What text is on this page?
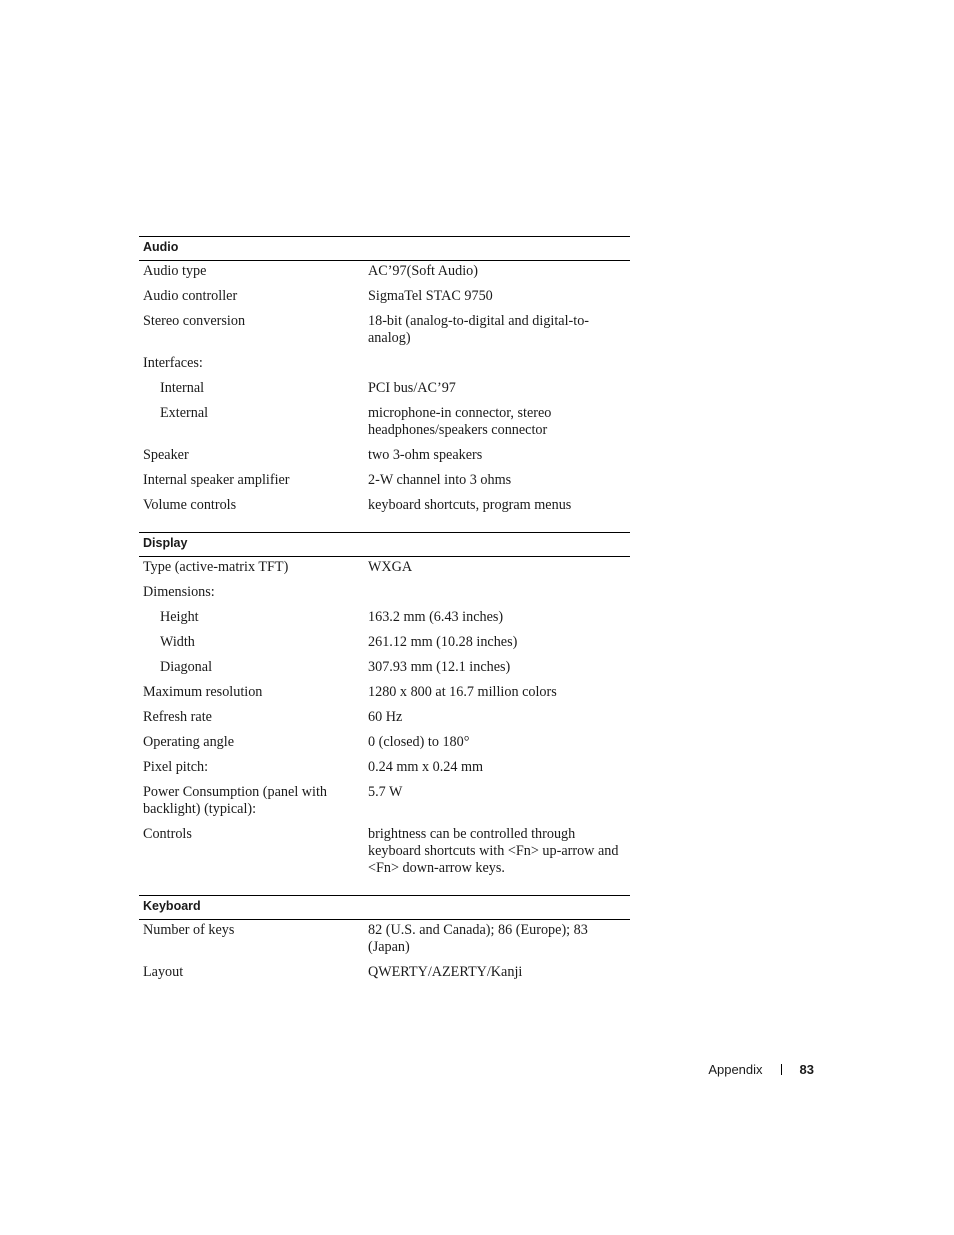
Audio	
Audio type	AC’97(Soft Audio)
Audio controller	SigmaTel STAC 9750
Stereo conversion	18-bit (analog-to-digital and digital-to-analog)
Interfaces:	
Internal	PCI bus/AC’97
External	microphone-in connector, stereo headphones/speakers connector
Speaker	two 3-ohm speakers
Internal speaker amplifier	2-W channel into 3 ohms
Volume controls	keyboard shortcuts, program menus

Display	
Type (active-matrix TFT)	WXGA
Dimensions:	
Height	163.2 mm (6.43 inches)
Width	261.12 mm (10.28 inches)
Diagonal	307.93 mm (12.1 inches)
Maximum resolution	1280 x 800 at 16.7 million colors
Refresh rate	60 Hz
Operating angle	0 (closed) to 180°
Pixel pitch:	0.24 mm x 0.24 mm
Power Consumption (panel with backlight) (typical):	5.7 W
Controls	brightness can be controlled through keyboard shortcuts with <Fn> up-arrow and <Fn> down-arrow keys.

Keyboard	
Number of keys	82 (U.S. and Canada); 86 (Europe); 83 (Japan)
Layout	QWERTY/AZERTY/Kanji
Appendix	83
